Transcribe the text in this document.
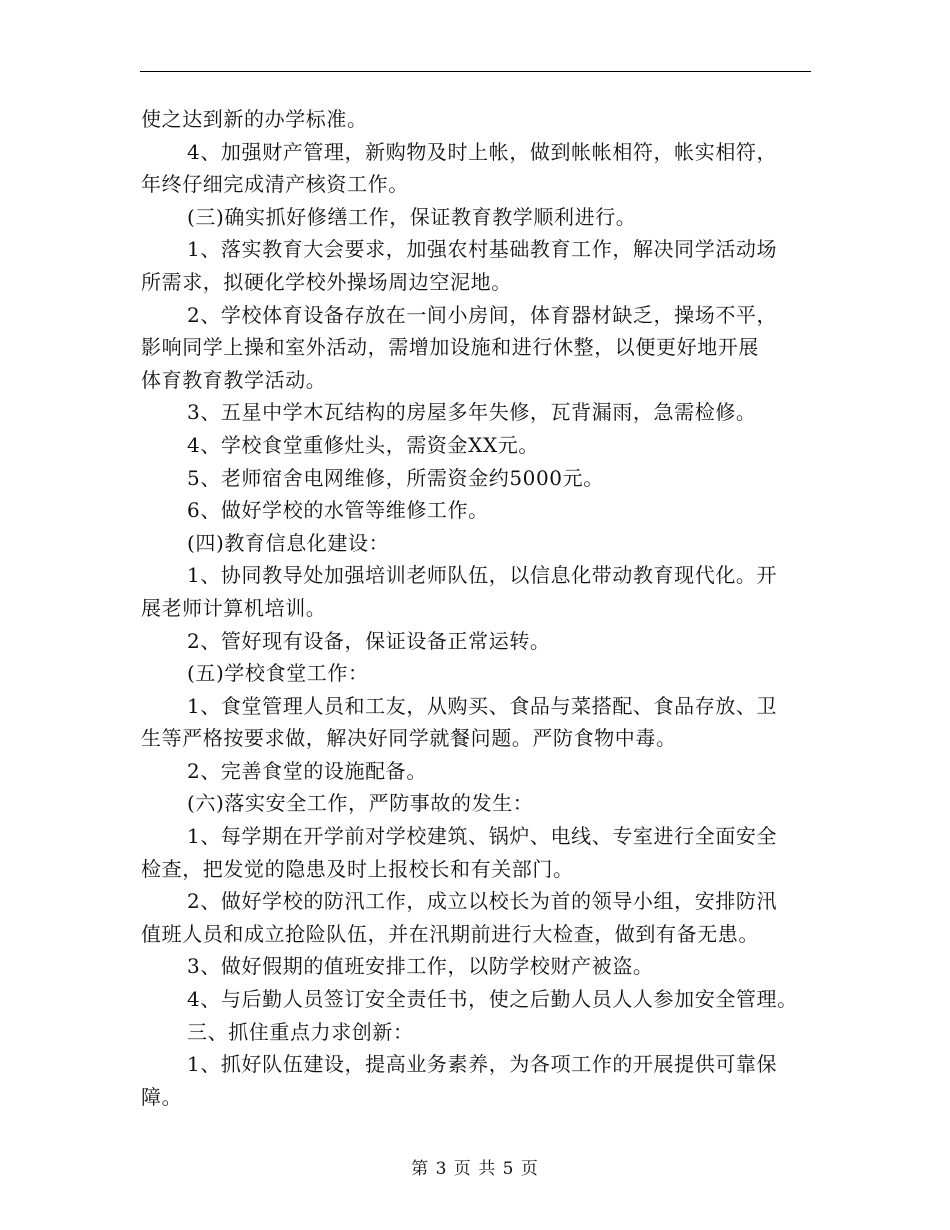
使之达到新的办学标准。
4、加强财产管理，新购物及时上帐，做到帐帐相符，帐实相符，
年终仔细完成清产核资工作。
(三)确实抓好修缮工作，保证教育教学顺利进行。
1、落实教育大会要求，加强农村基础教育工作，解决同学活动场
所需求，拟硬化学校外操场周边空泥地。
2、学校体育设备存放在一间小房间，体育器材缺乏，操场不平，
影响同学上操和室外活动，需增加设施和进行休整，以便更好地开展
体育教育教学活动。
3、五星中学木瓦结构的房屋多年失修，瓦背漏雨，急需检修。
4、学校食堂重修灶头，需资金XX元。
5、老师宿舍电网维修，所需资金约5000元。
6、做好学校的水管等维修工作。
(四)教育信息化建设：
1、协同教导处加强培训老师队伍，以信息化带动教育现代化。开
展老师计算机培训。
2、管好现有设备，保证设备正常运转。
(五)学校食堂工作：
1、食堂管理人员和工友，从购买、食品与菜搭配、食品存放、卫
生等严格按要求做，解决好同学就餐问题。严防食物中毒。
2、完善食堂的设施配备。
(六)落实安全工作，严防事故的发生：
1、每学期在开学前对学校建筑、锅炉、电线、专室进行全面安全
检查，把发觉的隐患及时上报校长和有关部门。
2、做好学校的防汛工作，成立以校长为首的领导小组，安排防汛
值班人员和成立抢险队伍，并在汛期前进行大检查，做到有备无患。
3、做好假期的值班安排工作，以防学校财产被盗。
4、与后勤人员签订安全责任书，使之后勤人员人人参加安全管理。
三、抓住重点力求创新：
1、抓好队伍建设，提高业务素养，为各项工作的开展提供可靠保
障。
第 3 页 共 5 页
